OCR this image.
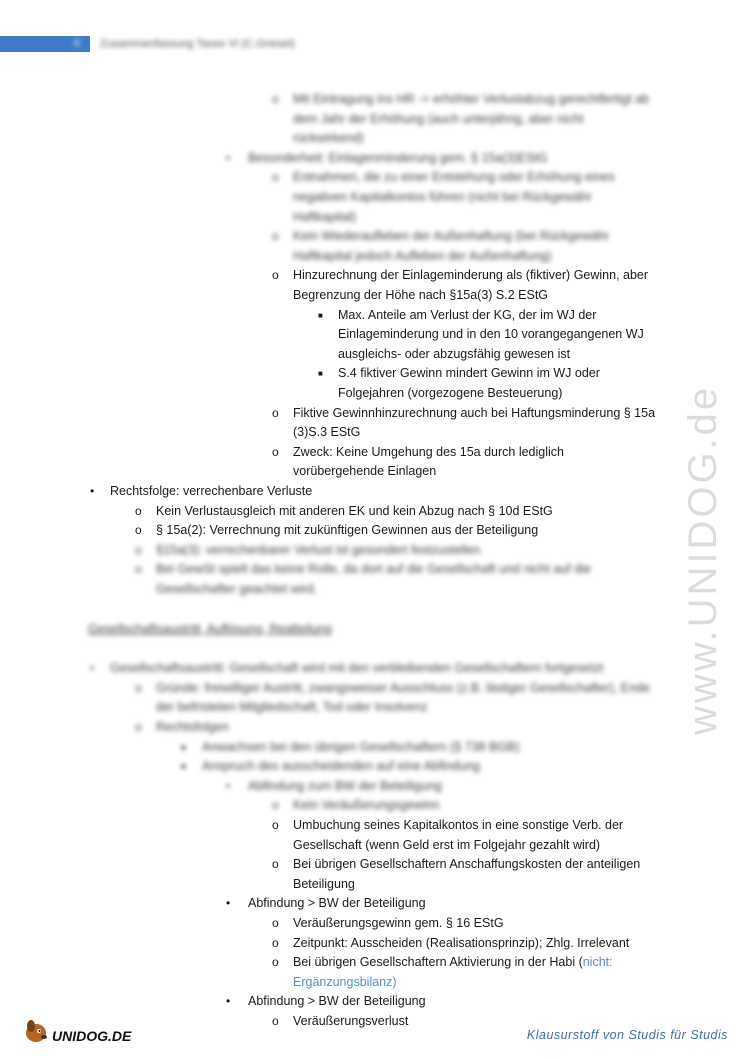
6	Zusammenfassung Taxes VI (C.Griesel)
o Mit Eintragung ins HR -> erhöhter Verlustabzug gerechtfertigt ab
dem Jahr der Erhöhung (auch unterjährig, aber nicht
rückwirkend)
• Besonderheit: Einlagenminderung gem. § 15a(3)EStG
o Entnahmen, die zu einer Entstehung oder Erhöhung eines
negativen Kapitalkontos führen (nicht bei Rückgewähr
Haftkapital)
o Kein Wiederaufleben der Außenhaftung (bei Rückgewähr
Haftkapital jedoch Aufleben der Außenhaftung)
o Hinzurechnung der Einlageminderung als (fiktiver) Gewinn, aber
Begrenzung der Höhe nach §15a(3) S.2 EStG
■ Max. Anteile am Verlust der KG, der im WJ der
Einlageminderung und in den 10 vorangegangenen WJ
ausgleichs- oder abzugsfähig gewesen ist
■ S.4 fiktiver Gewinn mindert Gewinn im WJ oder
Folgejahren (vorgezogene Besteuerung)
o Fiktive Gewinnhinzurechnung auch bei Haftungsminderung § 15a
(3)S.3 EStG
o Zweck: Keine Umgehung des 15a durch lediglich
vorübergehende Einlagen
• Rechtsfolge: verrechenbare Verluste
o Kein Verlustausgleich mit anderen EK und kein Abzug nach § 10d EStG
o § 15a(2): Verrechnung mit zukünftigen Gewinnen aus der Beteiligung
o §15a(3): verrechenbarer Verlust ist gesondert festzustellen
o Bei GewSt spielt das keine Rolle, da dort auf die Gesellschaft und nicht auf die
Gesellschafter geachtet wird.
Gesellschaftsaustritt, Auflösung, Realteilung
• Gesellschaftsaustritt: Gesellschaft wird mit den verbleibenden Gesellschaftern fortgesetzt
o Gründe: freiwilliger Austritt, zwangsweiser Ausschluss (z.B. lästiger Gesellschafter), Ende
der befristeten Mitgliedschaft, Tod oder Insolvenz
o Rechtsfolgen
■ Anwachsen bei den übrigen Gesellschaftern (§ 738 BGB)
■ Anspruch des ausscheidenden auf eine Abfindung
• Abfindung zum BW der Beteiligung
o Kein Veräußerungsgewinn
o Umbuchung seines Kapitalkontos in eine sonstige Verb. der
Gesellschaft (wenn Geld erst im Folgejahr gezahlt wird)
o Bei übrigen Gesellschaftern Anschaffungskosten der anteiligen
Beteiligung
• Abfindung > BW der Beteiligung
o Veräußerungsgewinn gem. § 16 EStG
o Zeitpunkt: Ausscheiden (Realisationsprinzip); Zhlg. Irrelevant
o Bei übrigen Gesellschaftern Aktivierung in der Habi (nicht:
Ergänzungsbilanz)
• Abfindung > BW der Beteiligung
o Veräußerungsverlust
www.UNIDOG.de
UNIDOG.DE	Klausurstoff von Studis für Studis
